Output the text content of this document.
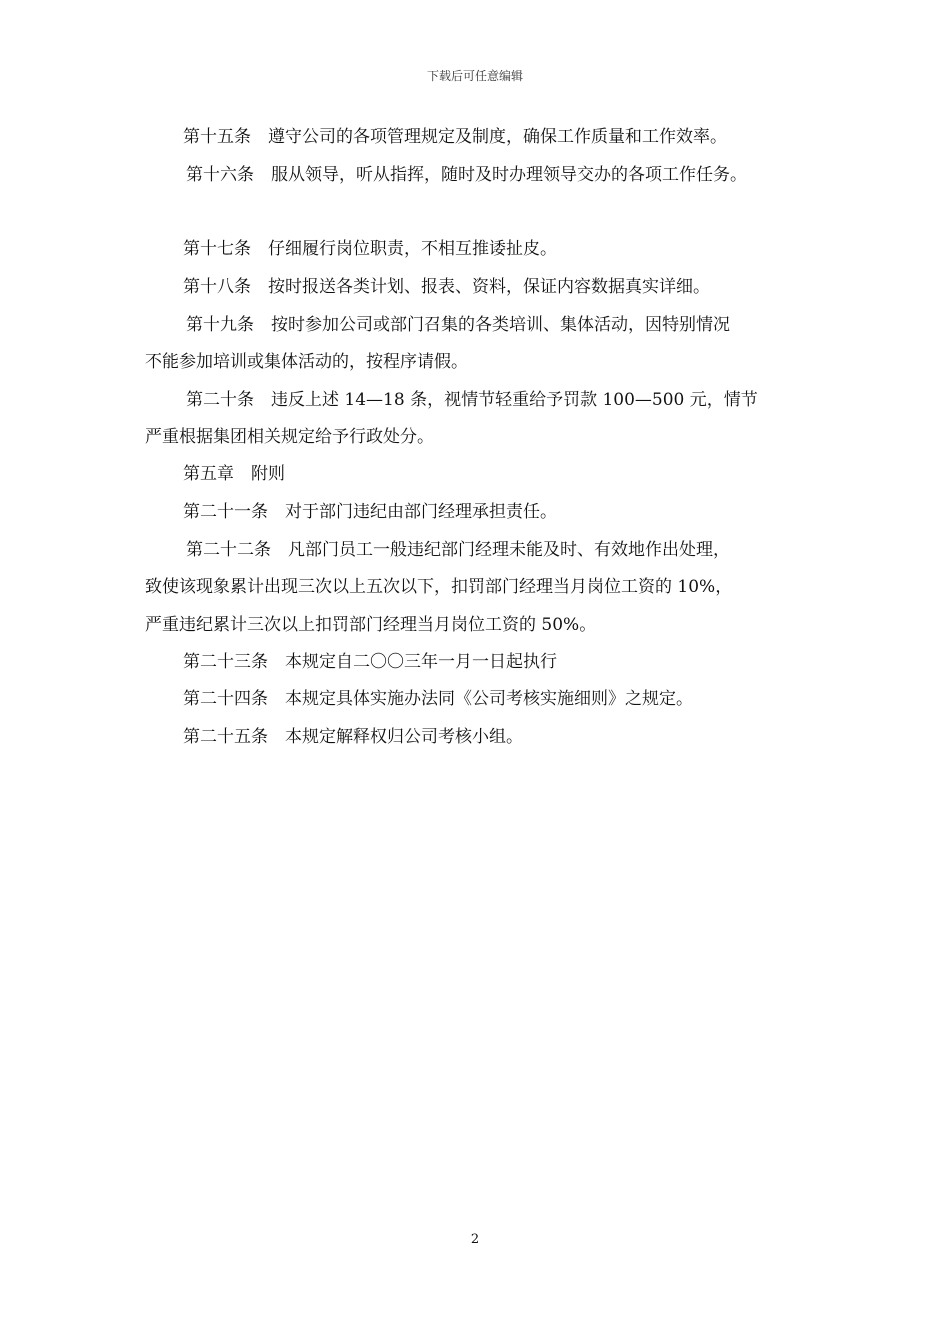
下载后可任意编辑
第十五条　遵守公司的各项管理规定及制度，确保工作质量和工作效率。
第十六条　服从领导，听从指挥，随时及时办理领导交办的各项工作任务。
第十七条　仔细履行岗位职责，不相互推诿扯皮。
第十八条　按时报送各类计划、报表、资料，保证内容数据真实详细。
第十九条　按时参加公司或部门召集的各类培训、集体活动，因特别情况
不能参加培训或集体活动的，按程序请假。
第二十条　违反上述 14—18 条，视情节轻重给予罚款 100—500 元，情节
严重根据集团相关规定给予行政处分。
第五章　附则
第二十一条　对于部门违纪由部门经理承担责任。
第二十二条　凡部门员工一般违纪部门经理未能及时、有效地作出处理，
致使该现象累计出现三次以上五次以下，扣罚部门经理当月岗位工资的 10%，
严重违纪累计三次以上扣罚部门经理当月岗位工资的 50%。
第二十三条　本规定自二〇〇三年一月一日起执行
第二十四条　本规定具体实施办法同《公司考核实施细则》之规定。
第二十五条　本规定解释权归公司考核小组。
2
